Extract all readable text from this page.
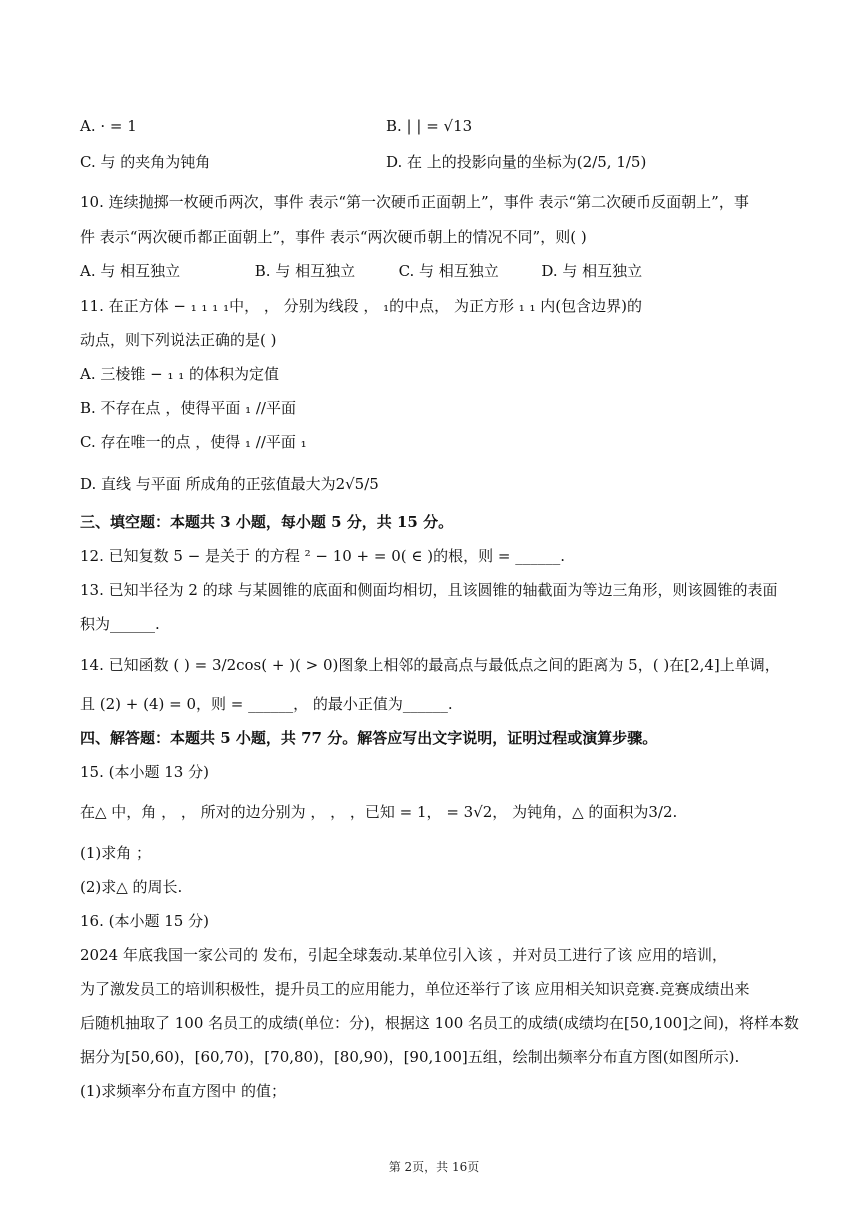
A. · = 1	B. | | = √13
C. 与 的夹角为钝角	D. 在 上的投影向量的坐标为(2/5, 1/5)
10. 连续抛掷一枚硬币两次，事件 表示“第一次硬币正面朝上”，事件 表示“第二次硬币反面朝上”，事
件 表示“两次硬币都正面朝上”，事件 表示“两次硬币朝上的情况不同”，则( )
A. 与 相互独立	B. 与 相互独立	C. 与 相互独立	D. 与 相互独立
11. 在正方体 − ₁ ₁ ₁ ₁中， ， 分别为线段 ， ₁的中点， 为正方形 ₁ ₁ 内(包含边界)的
动点，则下列说法正确的是( )
A. 三棱锥 − ₁ ₁ 的体积为定值
B. 不存在点 ，使得平面 ₁ //平面
C. 存在唯一的点 ，使得 ₁ //平面 ₁
D. 直线 与平面 所成角的正弦值最大为2√5/5
三、填空题：本题共 3 小题，每小题 5 分，共 15 分。
12. 已知复数 5 − 是关于 的方程 ² − 10 + = 0( ∈ )的根，则 = ______.
13. 已知半径为 2 的球 与某圆锥的底面和侧面均相切，且该圆锥的轴截面为等边三角形，则该圆锥的表面
积为______.
14. 已知函数 ( ) = 3/2cos( + )( > 0)图象上相邻的最高点与最低点之间的距离为 5，( )在[2,4]上单调，
且 (2) + (4) = 0，则 = ______， 的最小正值为______.
四、解答题：本题共 5 小题，共 77 分。解答应写出文字说明，证明过程或演算步骤。
15. (本小题 13 分)
在△ 中，角 ， ， 所对的边分别为 ， ， ，已知 = 1， = 3√2， 为钝角，△ 的面积为3/2.
(1)求角 ；
(2)求△ 的周长.
16. (本小题 15 分)
2024 年底我国一家公司的 发布，引起全球轰动.某单位引入该 ，并对员工进行了该 应用的培训，
为了激发员工的培训积极性，提升员工的应用能力，单位还举行了该 应用相关知识竞赛.竞赛成绩出来
后随机抽取了 100 名员工的成绩(单位：分)，根据这 100 名员工的成绩(成绩均在[50,100]之间)，将样本数
据分为[50,60)，[60,70)，[70,80)，[80,90)，[90,100]五组，绘制出频率分布直方图(如图所示).
(1)求频率分布直方图中 的值；
第 2页，共 16页
